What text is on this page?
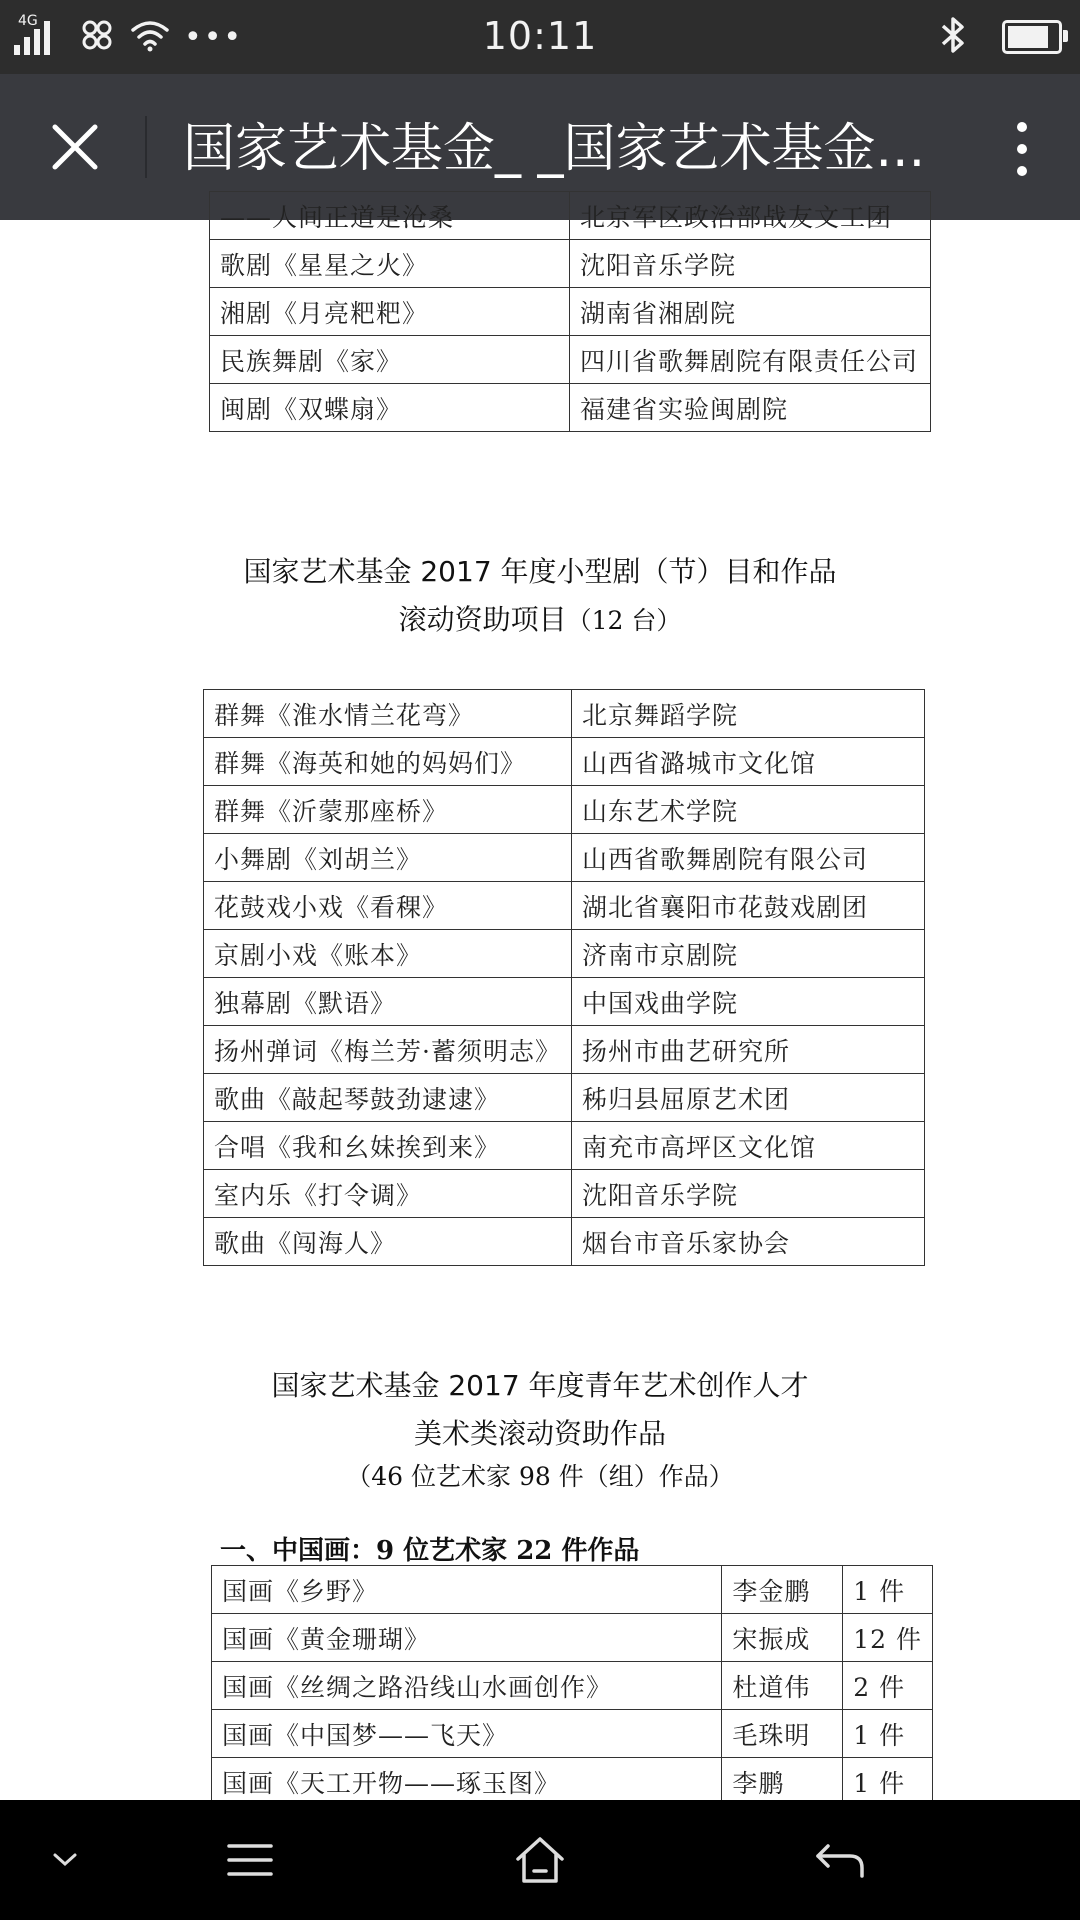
4G	•••	10:11
国家艺术基金_ _国家艺术基金...
——人间正道是沧桑	北京军区政治部战友文工团
歌剧《星星之火》	沈阳音乐学院
湘剧《月亮粑粑》	湖南省湘剧院
民族舞剧《家》	四川省歌舞剧院有限责任公司
闽剧《双蝶扇》	福建省实验闽剧院
国家艺术基金 2017 年度小型剧（节）目和作品
滚动资助项目（12 台）
群舞《淮水情兰花弯》	北京舞蹈学院
群舞《海英和她的妈妈们》	山西省潞城市文化馆
群舞《沂蒙那座桥》	山东艺术学院
小舞剧《刘胡兰》	山西省歌舞剧院有限公司
花鼓戏小戏《看稞》	湖北省襄阳市花鼓戏剧团
京剧小戏《账本》	济南市京剧院
独幕剧《默语》	中国戏曲学院
扬州弹词《梅兰芳·蓄须明志》	扬州市曲艺研究所
歌曲《敲起琴鼓劲逮逮》	秭归县屈原艺术团
合唱《我和幺妹挨到来》	南充市高坪区文化馆
室内乐《打令调》	沈阳音乐学院
歌曲《闯海人》	烟台市音乐家协会
国家艺术基金 2017 年度青年艺术创作人才
美术类滚动资助作品
（46 位艺术家 98 件（组）作品）
一、中国画：9 位艺术家 22 件作品
国画《乡野》	李金鹏	1 件
国画《黄金珊瑚》	宋振成	12 件
国画《丝绸之路沿线山水画创作》	杜道伟	2 件
国画《中国梦——飞天》	毛珠明	1 件
国画《天工开物——琢玉图》	李鹏	1 件
